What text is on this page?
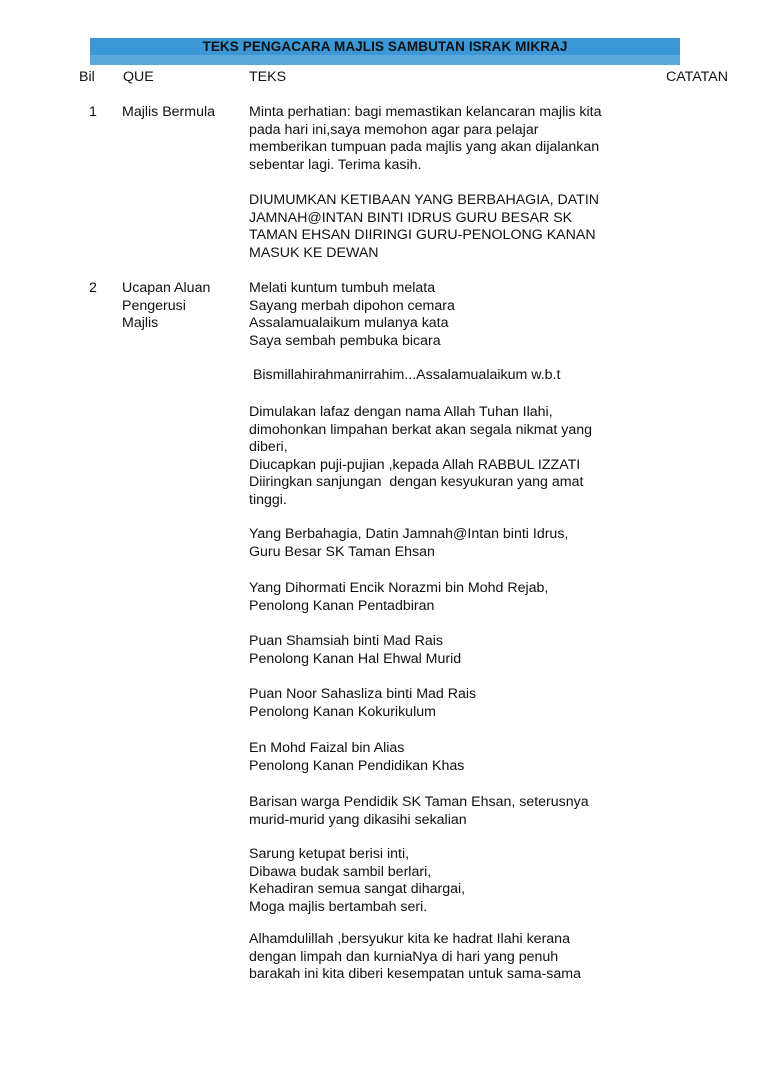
TEKS PENGACARA MAJLIS SAMBUTAN ISRAK MIKRAJ
Bil QUE	TEKS	CATATAN
1 Majlis Bermula Minta perhatian: bagi memastikan kelancaran majlis kita
pada hari ini,saya memohon agar para pelajar
memberikan tumpuan pada majlis yang akan dijalankan
sebentar lagi. Terima kasih.
DIUMUMKAN KETIBAAN YANG BERBAHAGIA, DATIN
JAMNAH@INTAN BINTI IDRUS GURU BESAR SK
TAMAN EHSAN DIIRINGI GURU-PENOLONG KANAN
MASUK KE DEWAN
2 Ucapan Aluan
Pengerusi
Majlis
Melati kuntum tumbuh melata
Sayang merbah dipohon cemara
Assalamualaikum mulanya kata
Saya sembah pembuka bicara
Bismillahirahmanirrahim...Assalamualaikum w.b.t
Dimulakan lafaz dengan nama Allah Tuhan Ilahi,
dimohonkan limpahan berkat akan segala nikmat yang
diberi,
Diucapkan puji-pujian ,kepada Allah RABBUL IZZATI
Diiringkan sanjungan  dengan kesyukuran yang amat
tinggi.
Yang Berbahagia, Datin Jamnah@Intan binti Idrus,
Guru Besar SK Taman Ehsan
Yang Dihormati Encik Norazmi bin Mohd Rejab,
Penolong Kanan Pentadbiran
Puan Shamsiah binti Mad Rais
Penolong Kanan Hal Ehwal Murid
Puan Noor Sahasliza binti Mad Rais
Penolong Kanan Kokurikulum
En Mohd Faizal bin Alias
Penolong Kanan Pendidikan Khas
Barisan warga Pendidik SK Taman Ehsan, seterusnya
murid-murid yang dikasihi sekalian
Sarung ketupat berisi inti,
Dibawa budak sambil berlari,
Kehadiran semua sangat dihargai,
Moga majlis bertambah seri.
Alhamdulillah ,bersyukur kita ke hadrat Ilahi kerana
dengan limpah dan kurniaNya di hari yang penuh
barakah ini kita diberi kesempatan untuk sama-sama
